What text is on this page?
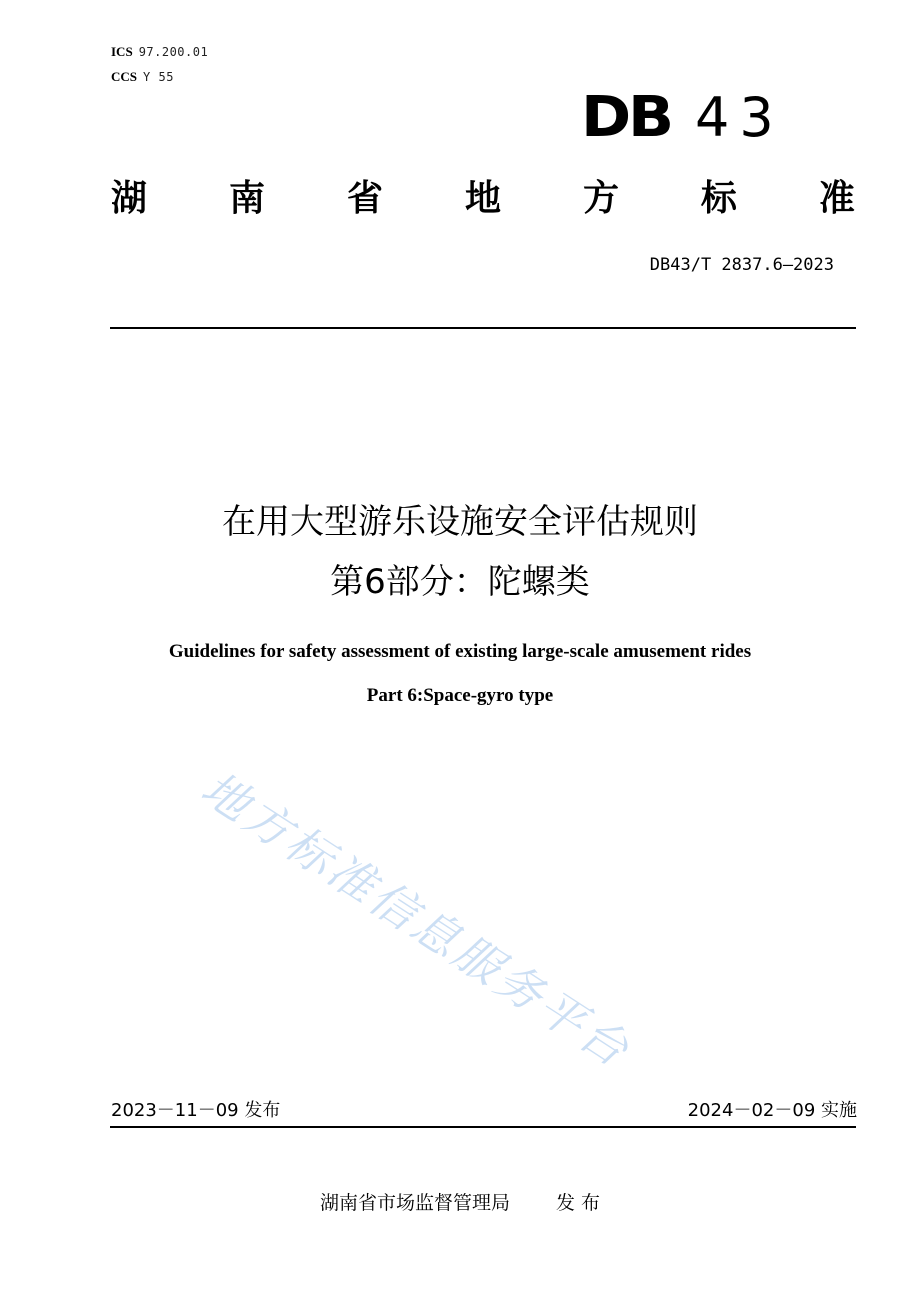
ICS 97.200.01
CCS Y 55
DB 43
湖 南 省 地 方 标 准
DB43/T 2837.6—2023
在用大型游乐设施安全评估规则
第6部分：陀螺类
Guidelines for safety assessment of existing large-scale amusement rides
Part 6:Space-gyro type
地方标准信息服务平台
2023－11－09 发布	2024－02－09 实施
湖南省市场监督管理局 发 布
